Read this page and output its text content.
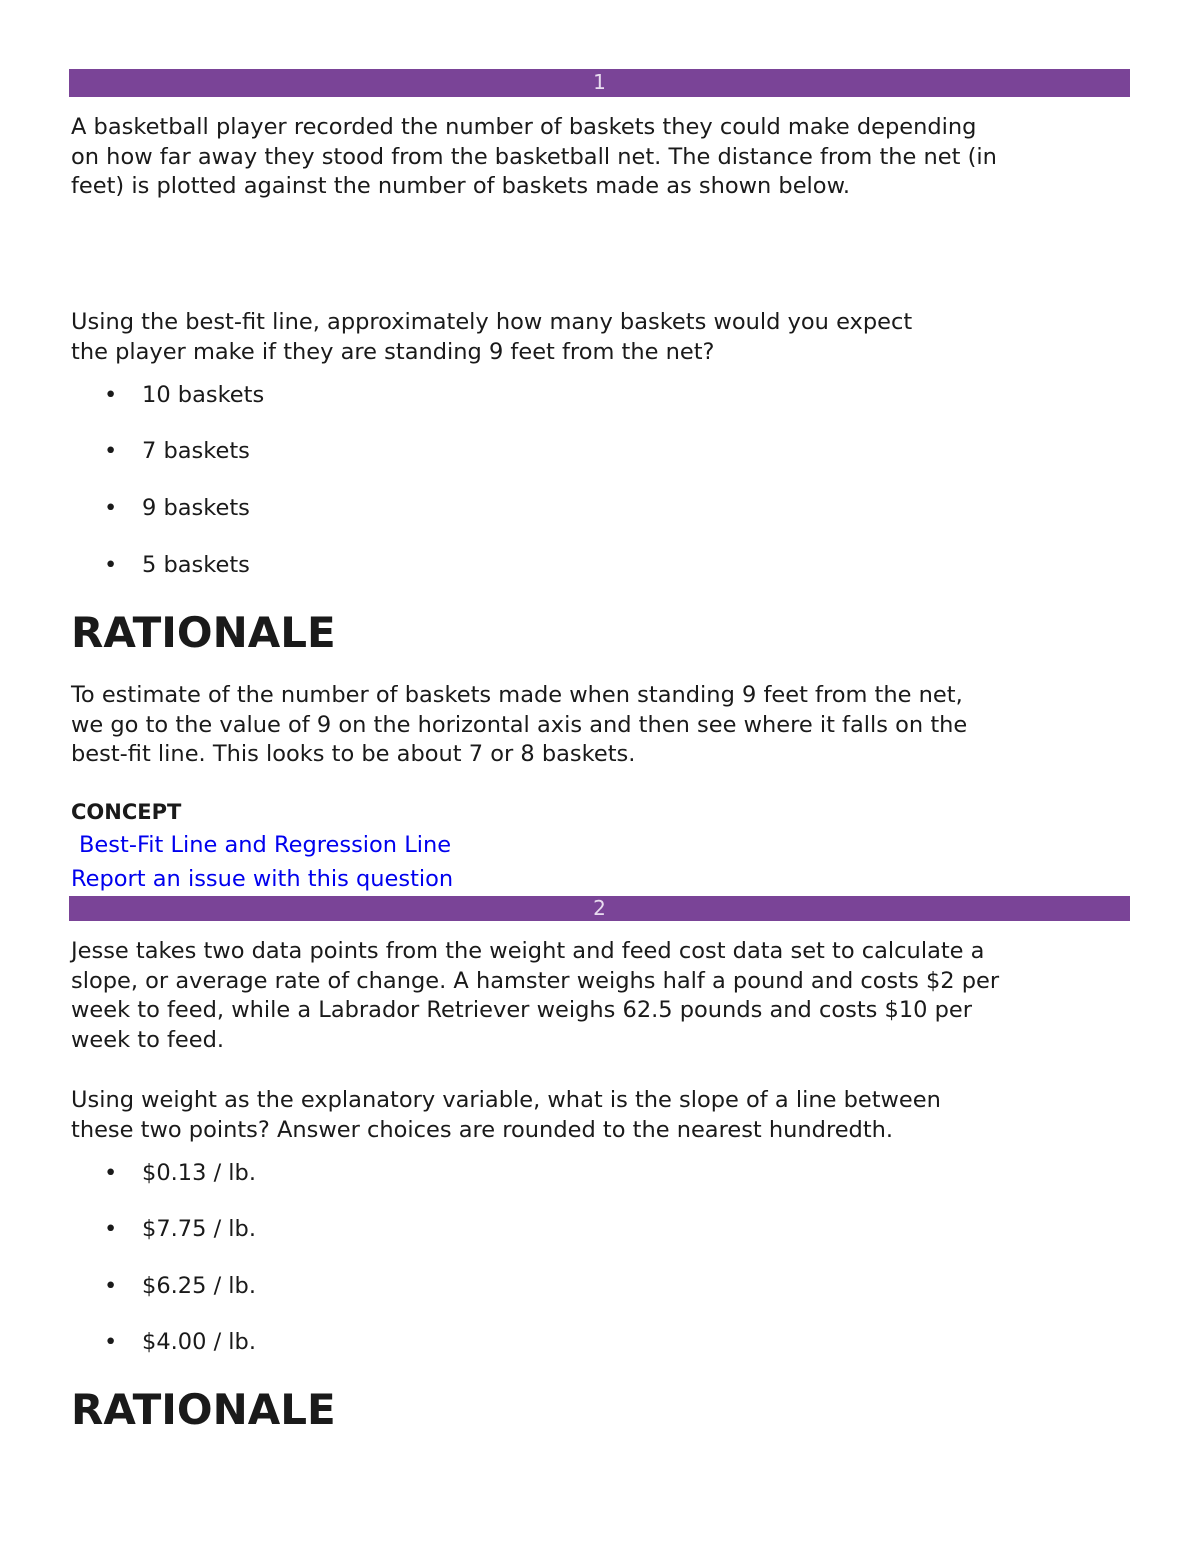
1
A basketball player recorded the number of baskets they could make depending
on how far away they stood from the basketball net. The distance from the net (in
feet) is plotted against the number of baskets made as shown below.
Using the best-fit line, approximately how many baskets would you expect
the player make if they are standing 9 feet from the net?
• 10 baskets
• 7 baskets
• 9 baskets
• 5 baskets
RATIONALE
To estimate of the number of baskets made when standing 9 feet from the net,
we go to the value of 9 on the horizontal axis and then see where it falls on the
best-fit line. This looks to be about 7 or 8 baskets.
CONCEPT
Best-Fit Line and Regression Line
Report an issue with this question
2
Jesse takes two data points from the weight and feed cost data set to calculate a
slope, or average rate of change. A hamster weighs half a pound and costs $2 per
week to feed, while a Labrador Retriever weighs 62.5 pounds and costs $10 per
week to feed.
Using weight as the explanatory variable, what is the slope of a line between
these two points? Answer choices are rounded to the nearest hundredth.
• $0.13 / lb.
• $7.75 / lb.
• $6.25 / lb.
• $4.00 / lb.
RATIONALE
